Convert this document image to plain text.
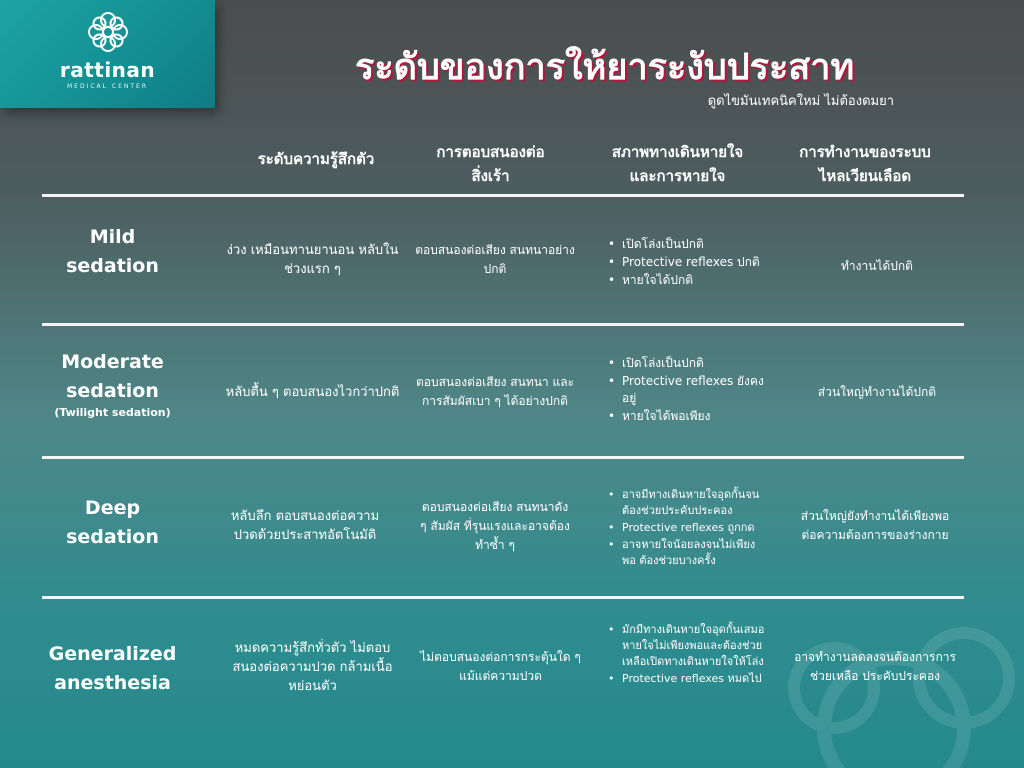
rattinan
MEDICAL CENTER	ระดับของการให้ยาระงับประสาท
ดูดไขมันเทคนิคใหม่ ไม่ต้องดมยา
ระดับความรู้สึกตัว	การตอบสนองต่อ
สิ่งเร้า
สภาพทางเดินหายใจ
และการหายใจ
การทำงานของระบบ
ไหลเวียนเลือด
Mild
sedation
ง่วง เหมือนทานยานอน หลับในช่วงแรก ๆ
ตอบสนองต่อเสียง สนทนาอย่างปกติ
• เปิดโล่งเป็นปกติ
• Protective reflexes ปกติ
• หายใจได้ปกติ
ทำงานได้ปกติ
Moderate
sedation
(Twilight sedation)
หลับตื้น ๆ ตอบสนองไวกว่าปกติ
ตอบสนองต่อเสียง สนทนา และการสัมผัสเบา ๆ ได้อย่างปกติ
• เปิดโล่งเป็นปกติ
• Protective reflexes ยังคงอยู่
• หายใจได้พอเพียง
ส่วนใหญ่ทำงานได้ปกติ
Deep
sedation
หลับลึก ตอบสนองต่อความปวดด้วยประสาทอัตโนมัติ
ตอบสนองต่อเสียง สนทนาดัง ๆ สัมผัส ที่รุนแรงและอาจต้องทำซ้ำ ๆ
• อาจมีทางเดินหายใจอุดกั้นจนต้องช่วยประคับประคอง
• Protective reflexes ถูกกด
• อาจหายใจน้อยลงจนไม่เพียงพอ ต้องช่วยบางครั้ง
ส่วนใหญ่ยังทำงานได้เพียงพอต่อความต้องการของร่างกาย
Generalized
anesthesia
หมดความรู้สึกทั่วตัว ไม่ตอบสนองต่อความปวด กล้ามเนื้อหย่อนตัว
ไม่ตอบสนองต่อการกระตุ้นใด ๆ แม้แต่ความปวด
• มักมีทางเดินหายใจอุดกั้นเสมอ หายใจไม่เพียงพอและต้องช่วยเหลือเปิดทางเดินหายใจให้โล่ง
• Protective reflexes หมดไป
อาจทำงานลดลงจนต้องการการช่วยเหลือ ประคับประคอง
